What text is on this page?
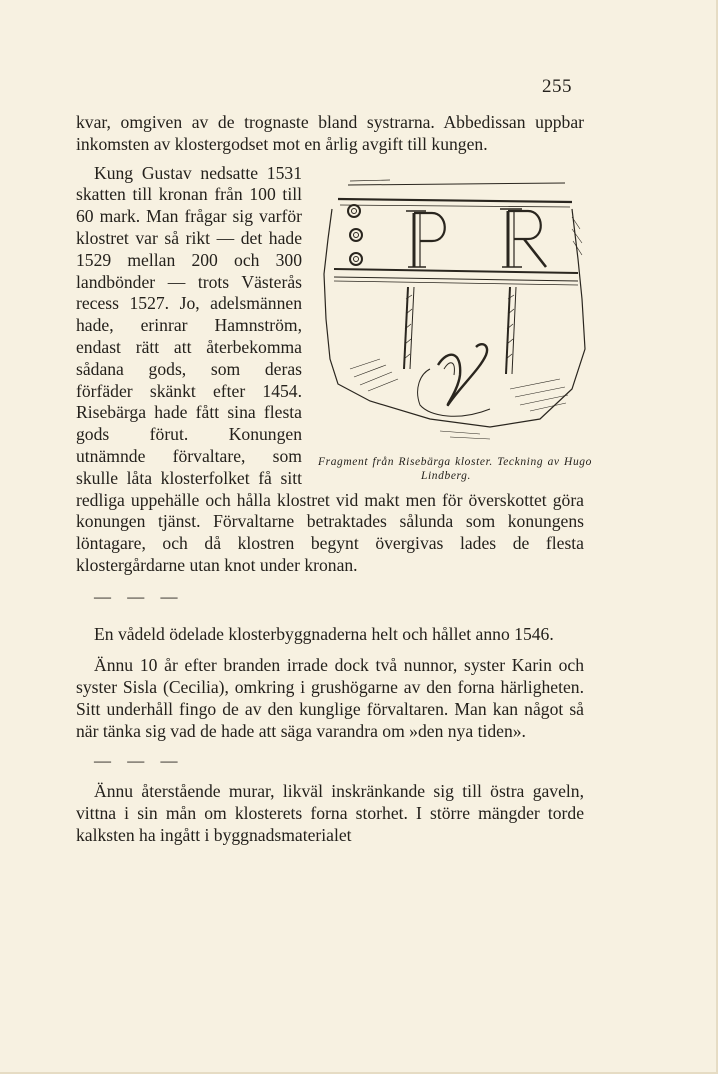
255

kvar, omgiven av de trognaste bland systrarna. Abbedissan uppbar inkomsten av klostergodset mot en årlig avgift till kungen.

P	R
Fragment från Risebärga kloster. Teckning av Hugo Lindberg.
Kung Gustav nedsatte 1531 skatten till kronan från 100 till 60 mark. Man frågar sig varför klostret var så rikt — det hade 1529 mellan 200 och 300 landbönder — trots Västerås recess 1527. Jo, adelsmännen hade, erinrar Hamnström, endast rätt att återbekomma sådana gods, som deras förfäder skänkt efter 1454. Risebärga hade fått sina flesta gods förut. Konungen utnämnde förvaltare, som skulle låta klosterfolket få sitt redliga uppehälle och hålla klostret vid makt men för överskottet göra konungen tjänst. Förvaltarne betraktades sålunda som konungens löntagare, och då klostren begynt övergivas lades de flesta klostergårdarne utan knot under kronan.

— — —

En vådeld ödelade klosterbyggnaderna helt och hållet anno 1546.

Ännu 10 år efter branden irrade dock två nunnor, syster Karin och syster Sisla (Cecilia), omkring i grushögarne av den forna härligheten. Sitt underhåll fingo de av den kunglige förvaltaren. Man kan något så när tänka sig vad de hade att säga varandra om »den nya tiden».

— — —

Ännu återstående murar, likväl inskränkande sig till östra gaveln, vittna i sin mån om klosterets forna storhet. I större mängder torde kalksten ha ingått i byggnadsmaterialet
